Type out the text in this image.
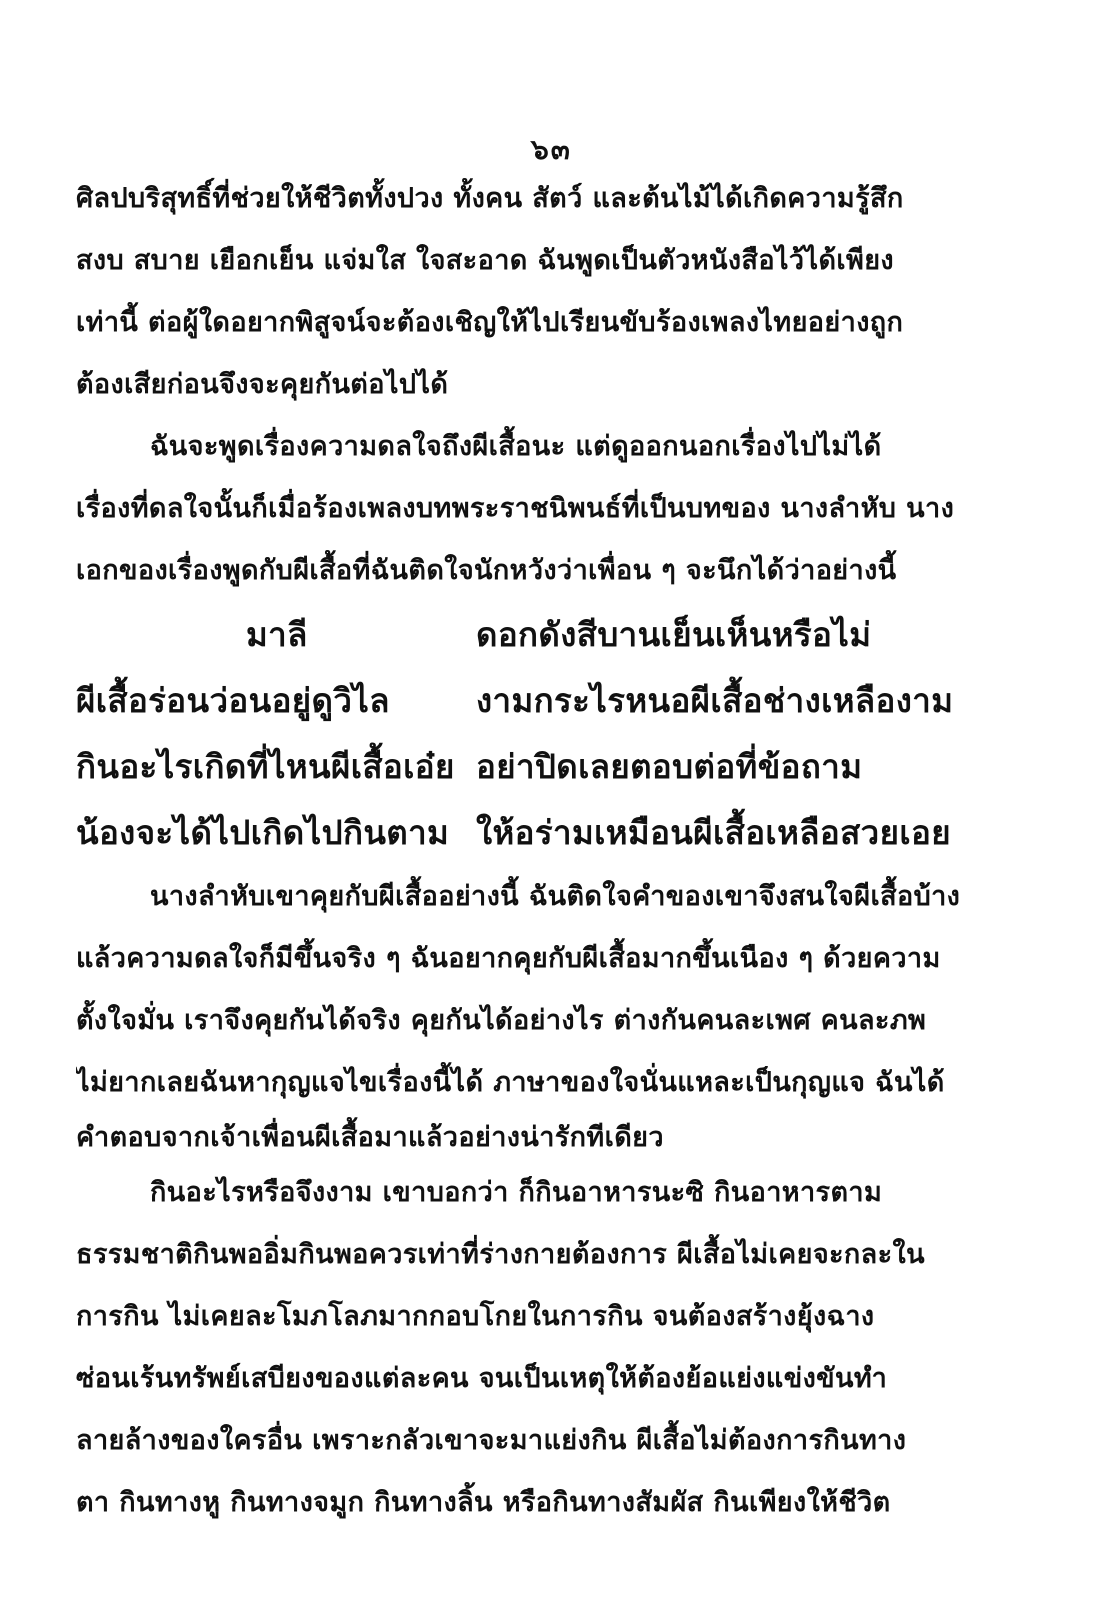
๖๓
ศิลปบริสุทธิ์ที่ช่วยให้ชีวิตทั้งปวง ทั้งคน สัตว์ และต้นไม้ได้เกิดความรู้สึก
สงบ สบาย เยือกเย็น แจ่มใส ใจสะอาด ฉันพูดเป็นตัวหนังสือไว้ได้เพียง
เท่านี้ ต่อผู้ใดอยากพิสูจน์จะต้องเชิญให้ไปเรียนขับร้องเพลงไทยอย่างถูก
ต้องเสียก่อนจึงจะคุยกันต่อไปได้
ฉันจะพูดเรื่องความดลใจถึงผีเสื้อนะ แต่ดูออกนอกเรื่องไปไม่ได้
เรื่องที่ดลใจนั้นก็เมื่อร้องเพลงบทพระราชนิพนธ์ที่เป็นบทของ นางลำหับ นาง
เอกของเรื่องพูดกับผีเสื้อที่ฉันติดใจนักหวังว่าเพื่อน ๆ จะนึกได้ว่าอย่างนี้
มาลี	ดอกดังสีบานเย็นเห็นหรือไม่
ผีเสื้อร่อนว่อนอยู่ดูวิไล	งามกระไรหนอผีเสื้อช่างเหลืองาม
กินอะไรเกิดที่ไหนผีเสื้อเอ๋ย อย่าปิดเลยตอบต่อที่ข้อถาม
น้องจะได้ไปเกิดไปกินตาม ให้อร่ามเหมือนผีเสื้อเหลือสวยเอย
นางลำหับเขาคุยกับผีเสื้ออย่างนี้ ฉันติดใจคำของเขาจึงสนใจผีเสื้อบ้าง
แล้วความดลใจก็มีขึ้นจริง ๆ ฉันอยากคุยกับผีเสื้อมากขึ้นเนือง ๆ ด้วยความ
ตั้งใจมั่น เราจึงคุยกันได้จริง คุยกันได้อย่างไร ต่างกันคนละเพศ คนละภพ
ไม่ยากเลยฉันหากุญแจไขเรื่องนี้ได้ ภาษาของใจนั่นแหละเป็นกุญแจ ฉันได้
คำตอบจากเจ้าเพื่อนผีเสื้อมาแล้วอย่างน่ารักทีเดียว
กินอะไรหรือจึงงาม เขาบอกว่า ก็กินอาหารนะซิ กินอาหารตาม
ธรรมชาติกินพออิ่มกินพอควรเท่าที่ร่างกายต้องการ ผีเสื้อไม่เคยจะกละใน
การกิน ไม่เคยละโมภโลภมากกอบโกยในการกิน จนต้องสร้างยุ้งฉาง
ซ่อนเร้นทรัพย์เสบียงของแต่ละคน จนเป็นเหตุให้ต้องย้อแย่งแข่งขันทำ
ลายล้างของใครอื่น เพราะกลัวเขาจะมาแย่งกิน ผีเสื้อไม่ต้องการกินทาง
ตา กินทางหู กินทางจมูก กินทางลิ้น หรือกินทางสัมผัส กินเพียงให้ชีวิต
